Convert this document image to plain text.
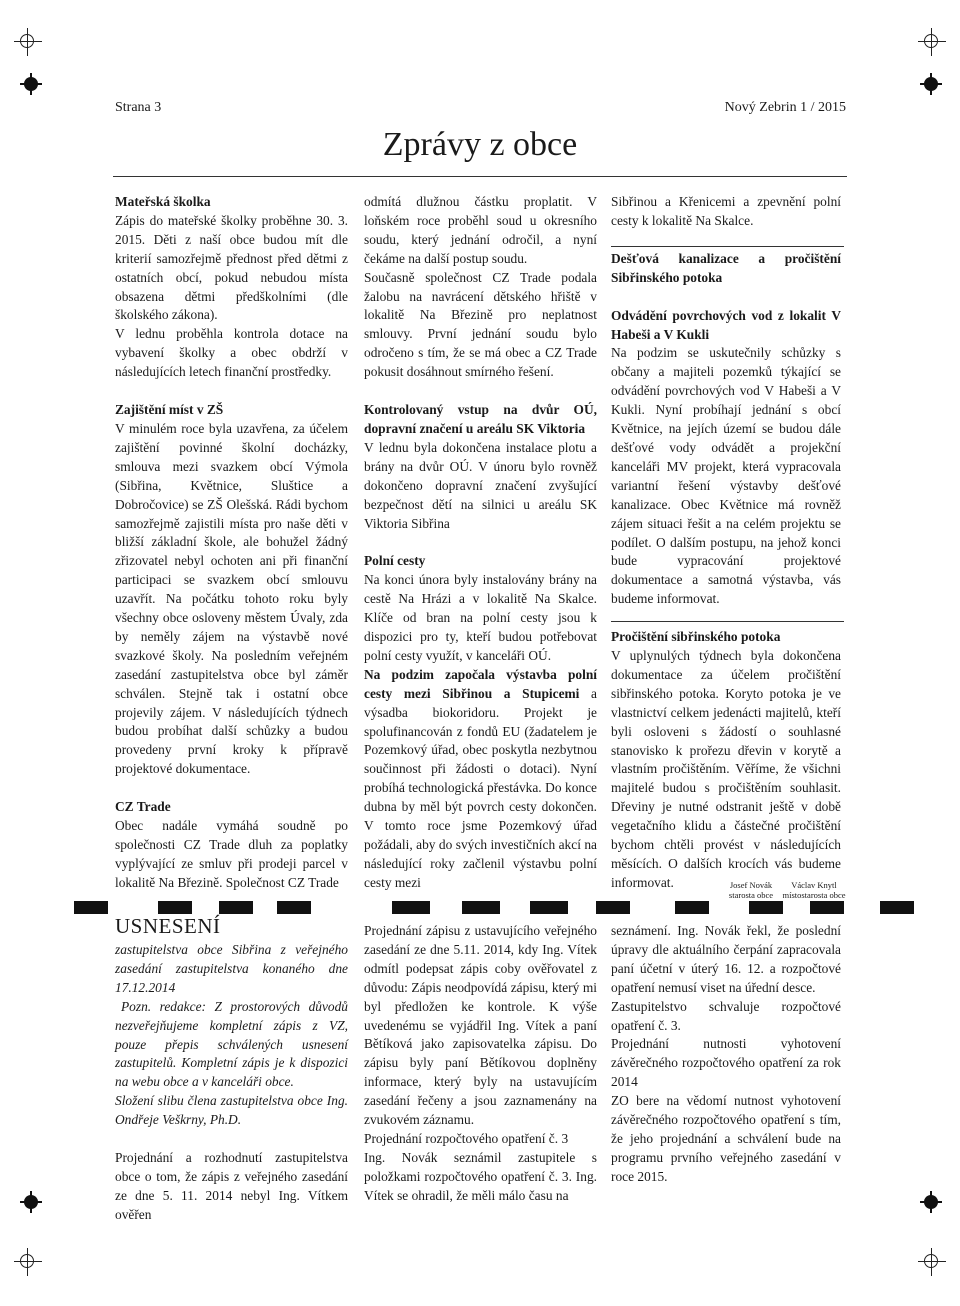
Strana 3	Nový Zebrin 1 / 2015
Zprávy z obce

Mateřská školka

Zápis do mateřské školky proběhne 30. 3. 2015. Děti z naší obce budou mít dle kriterií samozřejmě přednost před dětmi z ostatních obcí, pokud nebudou místa obsazena dětmi předškolními (dle školského zákona).

V lednu proběhla kontrola dotace na vybavení školky a obec obdrží v následujících letech finanční prostředky.

Zajištění míst v ZŠ

V minulém roce byla uzavřena, za účelem zajištění povinné školní docházky, smlouva mezi svazkem obcí Výmola (Sibřina, Květnice, Sluštice a Dobročovice) se ZŠ Olešská. Rádi bychom samozřejmě zajistili místa pro naše děti v bližší základní škole, ale bohužel žádný zřizovatel nebyl ochoten ani při finanční participaci se svazkem obcí smlouvu uzavřít. Na počátku tohoto roku byly všechny obce osloveny městem Úvaly, zda by neměly zájem na výstavbě nové svazkové školy. Na posledním veřejném zasedání zastupitelstva obce byl záměr schválen. Stejně tak i ostatní obce projevily zájem. V následujících týdnech budou probíhat další schůzky a budou provedeny první kroky k přípravě projektové dokumentace.

CZ Trade

Obec nadále vymáhá soudně po společnosti CZ Trade dluh za poplatky vyplývající ze smluv při prodeji parcel v lokalitě Na Březině. Společnost CZ Trade

odmítá dlužnou částku proplatit. V loňském roce proběhl soud u okresního soudu, který jednání odročil, a nyní čekáme na další postup soudu.

Současně společnost CZ Trade podala žalobu na navrácení dětského hřiště v lokalitě Na Březině pro neplatnost smlouvy. První jednání soudu bylo odročeno s tím, že se má obec a CZ Trade pokusit dosáhnout smírného řešení.

Kontrolovaný vstup na dvůr OÚ, dopravní značení u areálu SK Viktoria

V lednu byla dokončena instalace plotu a brány na dvůr OÚ. V únoru bylo rovněž dokončeno dopravní značení zvyšující bezpečnost dětí na silnici u areálu SK Viktoria Sibřina

Polní cesty

Na konci února byly instalovány brány na cestě Na Hrázi a v lokalitě Na Skalce. Klíče od bran na polní cesty jsou k dispozici pro ty, kteří budou potřebovat polní cesty využít, v kanceláři OÚ.

Na podzim započala výstavba polní cesty mezi Sibřinou a Stupicemi a výsadba biokoridoru. Projekt je spolufinancován z fondů EU (žadatelem je Pozemkový úřad, obec poskytla nezbytnou součinnost při žádosti o dotaci). Nyní probíhá technologická přestávka. Do konce dubna by měl být povrch cesty dokončen. V tomto roce jsme Pozemkový úřad požádali, aby do svých investičních akcí na následující roky začlenil výstavbu polní cesty mezi

Sibřinou a Křenicemi a zpevnění polní cesty k lokalitě Na Skalce.

Dešťová kanalizace a pročištění Sibřinského potoka

Odvádění povrchových vod z lokalit V Habeši a V Kukli

Na podzim se uskutečnily schůzky s občany a majiteli pozemků týkající se odvádění povrchových vod V Habeši a V Kukli. Nyní probíhají jednání s obcí Květnice, na jejích území se budou dále dešťové vody odvádět a projekční kanceláři MV projekt, která vypracovala variantní řešení výstavby dešťové kanalizace. Obec Květnice má rovněž zájem situaci řešit a na celém projektu se podílet. O dalším postupu, na jehož konci bude vypracování projektové dokumentace a samotná výstavba, vás budeme informovat.

Pročištění sibřinského potoka

V uplynulých týdnech byla dokončena dokumentace za účelem pročištění sibřinského potoka. Koryto potoka je ve vlastnictví celkem jedenácti majitelů, kteří byli osloveni s žádostí o souhlasné stanovisko k prořezu dřevin v korytě a vlastním pročištěním. Věříme, že všichni majitelé budou s pročištěním souhlasit. Dřeviny je nutné odstranit ještě v době vegetačního klidu a částečné pročištění bychom chtěli provést v následujících měsících. O dalších krocích vás budeme informovat.	Josef Novák
starosta obce
Václav Knytl
místostarosta obce
USNESENÍ

zastupitelstva obce Sibřina z veřejného zasedání zastupitelstva konaného dne 17.12.2014

Pozn. redakce: Z prostorových důvodů nezveřejňujeme kompletní zápis z VZ, pouze přepis schválených usnesení zastupitelů. Kompletní zápis je k dispozici na webu obce a v kanceláři obce.

Složení slibu člena zastupitelstva obce Ing. Ondřeje Veškrny, Ph.D.

Projednání a rozhodnutí zastupitelstva obce o tom, že zápis z veřejného zasedání ze dne 5. 11. 2014 nebyl Ing. Vítkem ověřen

Projednání zápisu z ustavujícího veřejného zasedání ze dne 5.11. 2014, kdy Ing. Vítek odmítl podepsat zápis coby ověřovatel z důvodu: Zápis neodpovídá zápisu, který mi byl předložen ke kontrole. K výše uvedenému se vyjádřil Ing. Vítek a paní Bětíková jako zapisovatelka zápisu. Do zápisu byly paní Bětíkovou doplněny informace, který byly na ustavujícím zasedání řečeny a jsou zaznamenány na zvukovém záznamu.

Projednání rozpočtového opatření č. 3

Ing. Novák seznámil zastupitele s položkami rozpočtového opatření č. 3. Ing. Vítek se ohradil, že měli málo času na

seznámení. Ing. Novák řekl, že poslední úpravy dle aktuálního čerpání zapracovala paní účetní v úterý 16. 12. a rozpočtové opatření nemusí viset na úřední desce.

Zastupitelstvo schvaluje rozpočtové opatření č. 3.

Projednání nutnosti vyhotovení závěrečného rozpočtového opatření za rok 2014

ZO bere na vědomí nutnost vyhotovení závěrečného rozpočtového opatření s tím, že jeho projednání a schválení bude na programu prvního veřejného zasedání v roce 2015.
